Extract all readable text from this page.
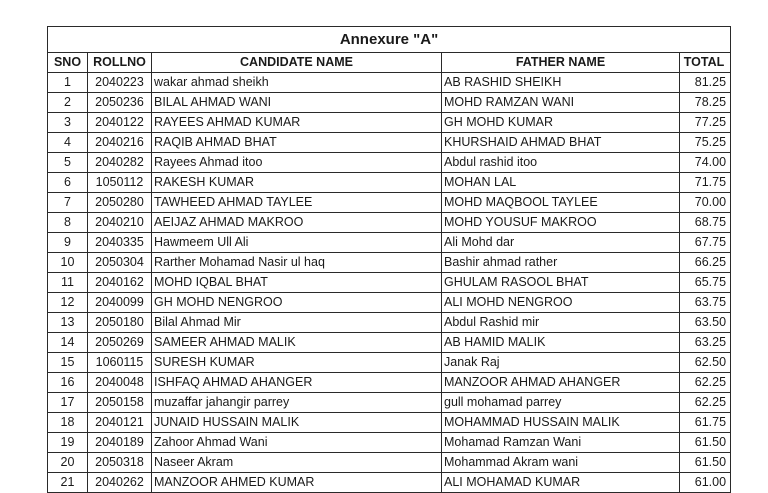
Annexure "A"				
SNO	ROLLNO	CANDIDATE NAME	FATHER NAME	TOTAL
1	2040223	wakar ahmad sheikh	AB RASHID SHEIKH	81.25
2	2050236	BILAL AHMAD WANI	MOHD RAMZAN WANI	78.25
3	2040122	RAYEES AHMAD KUMAR	GH MOHD KUMAR	77.25
4	2040216	RAQIB AHMAD BHAT	KHURSHAID AHMAD BHAT	75.25
5	2040282	Rayees Ahmad itoo	Abdul rashid itoo	74.00
6	1050112	RAKESH KUMAR	MOHAN LAL	71.75
7	2050280	TAWHEED AHMAD TAYLEE	MOHD MAQBOOL TAYLEE	70.00
8	2040210	AEIJAZ AHMAD MAKROO	MOHD YOUSUF MAKROO	68.75
9	2040335	Hawmeem Ull Ali	Ali Mohd dar	67.75
10	2050304	Rarther Mohamad Nasir ul haq	Bashir ahmad rather	66.25
11	2040162	MOHD IQBAL BHAT	GHULAM RASOOL BHAT	65.75
12	2040099	GH MOHD NENGROO	ALI MOHD NENGROO	63.75
13	2050180	Bilal Ahmad Mir	Abdul Rashid mir	63.50
14	2050269	SAMEER AHMAD MALIK	AB HAMID MALIK	63.25
15	1060115	SURESH KUMAR	Janak Raj	62.50
16	2040048	ISHFAQ AHMAD AHANGER	MANZOOR AHMAD AHANGER	62.25
17	2050158	muzaffar jahangir parrey	gull mohamad parrey	62.25
18	2040121	JUNAID HUSSAIN MALIK	MOHAMMAD HUSSAIN MALIK	61.75
19	2040189	Zahoor Ahmad Wani	Mohamad Ramzan Wani	61.50
20	2050318	Naseer Akram	Mohammad Akram wani	61.50
21	2040262	MANZOOR AHMED KUMAR	ALI MOHAMAD KUMAR	61.00
